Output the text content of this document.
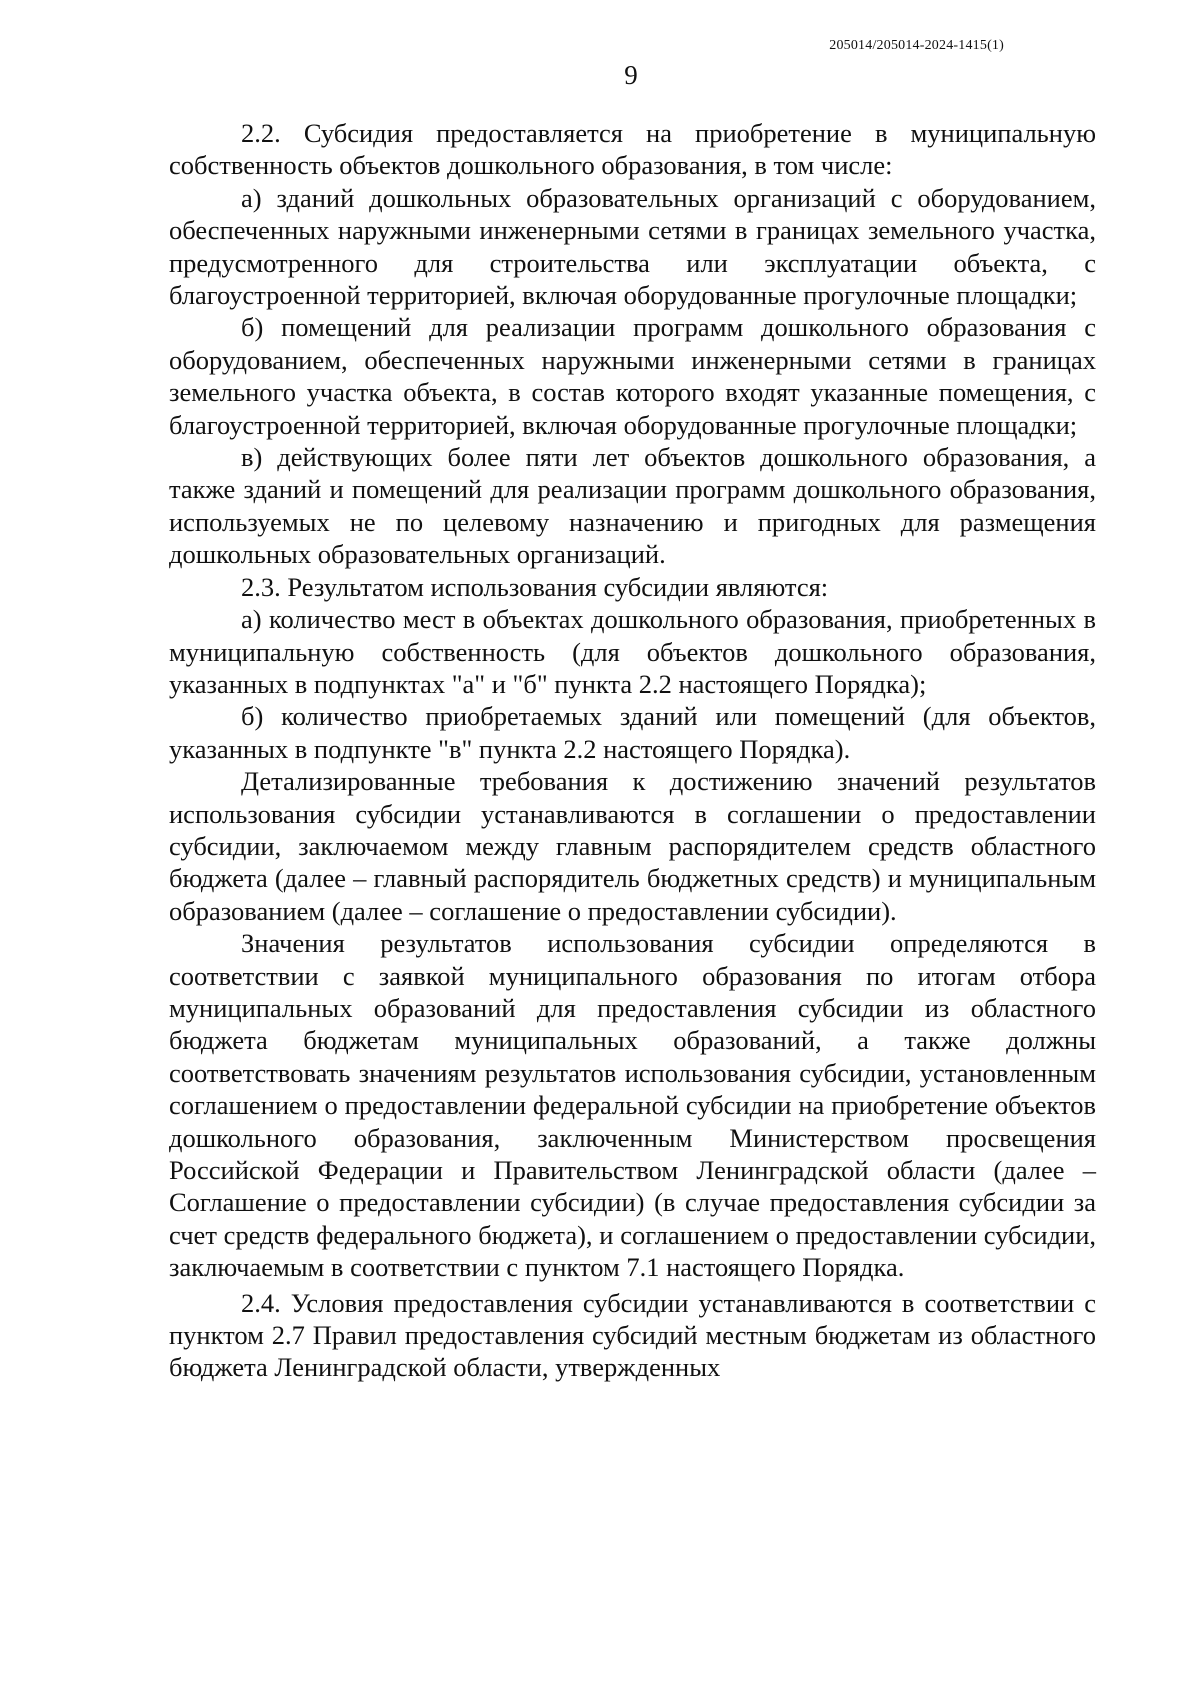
205014/205014-2024-1415(1)
9

2.2. Субсидия предоставляется на приобретение в муниципальную собственность объектов дошкольного образования, в том числе:

а) зданий дошкольных образовательных организаций с оборудованием, обеспеченных наружными инженерными сетями в границах земельного участка, предусмотренного для строительства или эксплуатации объекта, с благоустроенной территорией, включая оборудованные прогулочные площадки;

б) помещений для реализации программ дошкольного образования с оборудованием, обеспеченных наружными инженерными сетями в границах земельного участка объекта, в состав которого входят указанные помещения, с благоустроенной территорией, включая оборудованные прогулочные площадки;

в) действующих более пяти лет объектов дошкольного образования, а также зданий и помещений для реализации программ дошкольного образования, используемых не по целевому назначению и пригодных для размещения дошкольных образовательных организаций.

2.3. Результатом использования субсидии являются:

а) количество мест в объектах дошкольного образования, приобретенных в муниципальную собственность (для объектов дошкольного образования, указанных в подпунктах "а" и "б" пункта 2.2 настоящего Порядка);

б) количество приобретаемых зданий или помещений (для объектов, указанных в подпункте "в" пункта 2.2 настоящего Порядка).

Детализированные требования к достижению значений результатов использования субсидии устанавливаются в соглашении о предоставлении субсидии, заключаемом между главным распорядителем средств областного бюджета (далее – главный распорядитель бюджетных средств) и муниципальным образованием (далее – соглашение о предоставлении субсидии).

Значения результатов использования субсидии определяются в соответствии с заявкой муниципального образования по итогам отбора муниципальных образований для предоставления субсидии из областного бюджета бюджетам муниципальных образований, а также должны соответствовать значениям результатов использования субсидии, установленным соглашением о предоставлении федеральной субсидии на приобретение объектов дошкольного образования, заключенным Министерством просвещения Российской Федерации и Правительством Ленинградской области (далее – Соглашение о предоставлении субсидии) (в случае предоставления субсидии за счет средств федерального бюджета), и соглашением о предоставлении субсидии, заключаемым в соответствии с пунктом 7.1 настоящего Порядка.

2.4. Условия предоставления субсидии устанавливаются в соответствии с пунктом 2.7 Правил предоставления субсидий местным бюджетам из областного бюджета Ленинградской области, утвержденных
